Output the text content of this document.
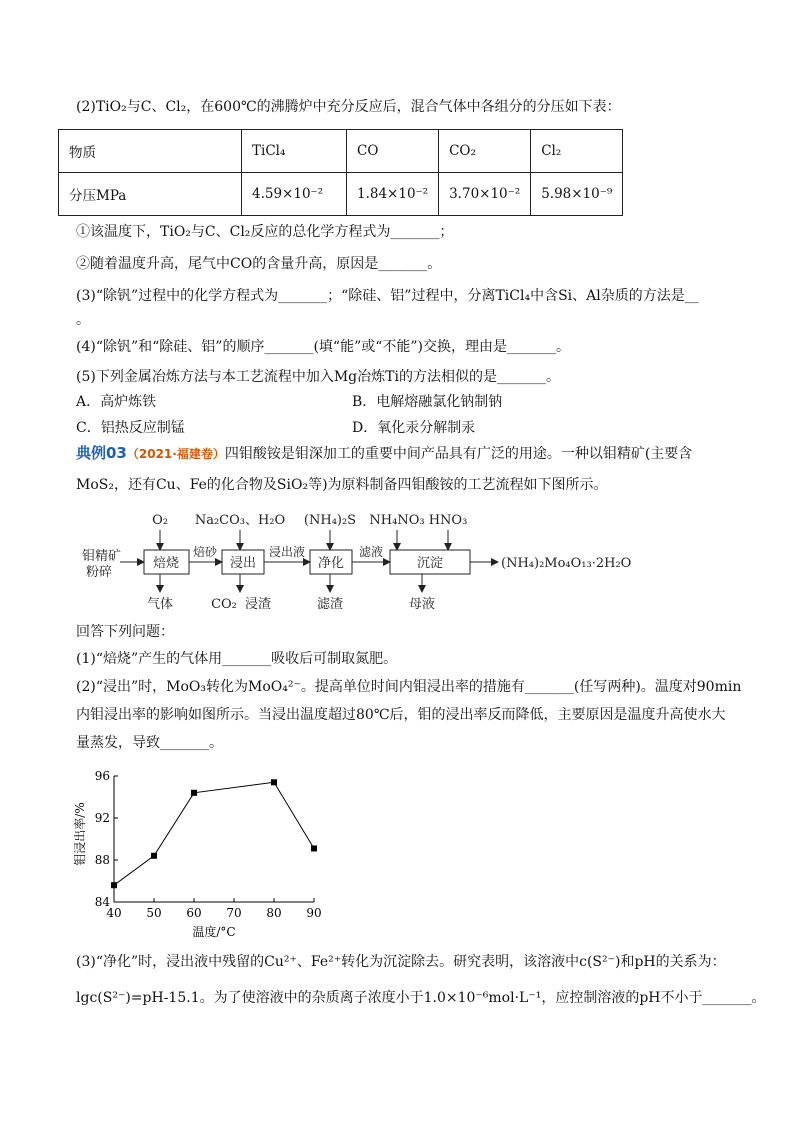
(2)TiO₂与C、Cl₂，在600℃的沸腾炉中充分反应后，混合气体中各组分的分压如下表：
物质	TiCl₄	CO	CO₂	Cl₂
分压MPa	4.59×10⁻²	1.84×10⁻²	3.70×10⁻²	5.98×10⁻⁹
①该温度下，TiO₂与C、Cl₂反应的总化学方程式为_______；
②随着温度升高，尾气中CO的含量升高，原因是_______。
(3)“除钒”过程中的化学方程式为_______；“除硅、铝”过程中，分离TiCl₄中含Si、Al杂质的方法是__
。
(4)“除钒”和“除硅、铝”的顺序_______(填“能”或“不能”)交换，理由是_______。
(5)下列金属冶炼方法与本工艺流程中加入Mg冶炼Ti的方法相似的是_______。
A．高炉炼铁	B．电解熔融氯化钠制钠
C．铝热反应制锰	D．氧化汞分解制汞
典例03（2021·福建卷）四钼酸铵是钼深加工的重要中间产品具有广泛的用途。一种以钼精矿(主要含
MoS₂，还有Cu、Fe的化合物及SiO₂等)为原料制备四钼酸铵的工艺流程如下图所示。
钼精矿
粉碎
焙烧	浸出	净化	沉淀
O₂ Na₂CO₃、H₂O (NH₄)₂S NH₄NO₃ HNO₃
焙砂	浸出液	滤液
(NH₄)₂Mo₄O₁₃·2H₂O
气体	CO₂ 浸渣	滤渣	母液
回答下列问题：
(1)“焙烧”产生的气体用_______吸收后可制取氮肥。
(2)“浸出”时，MoO₃转化为MoO₄²⁻。提高单位时间内钼浸出率的措施有_______(任写两种)。温度对90min
内钼浸出率的影响如图所示。当浸出温度超过80℃后，钼的浸出率反而降低，主要原因是温度升高使水大
量蒸发，导致_______。
40 50 60 70 80 90
84
88
92
96
温度/°C
钼浸出率/%
(3)“净化”时，浸出液中残留的Cu²⁺、Fe²⁺转化为沉淀除去。研究表明，该溶液中c(S²⁻)和pH的关系为：
lgc(S²⁻)=pH-15.1。为了使溶液中的杂质离子浓度小于1.0×10⁻⁶mol·L⁻¹，应控制溶液的pH不小于_______。
